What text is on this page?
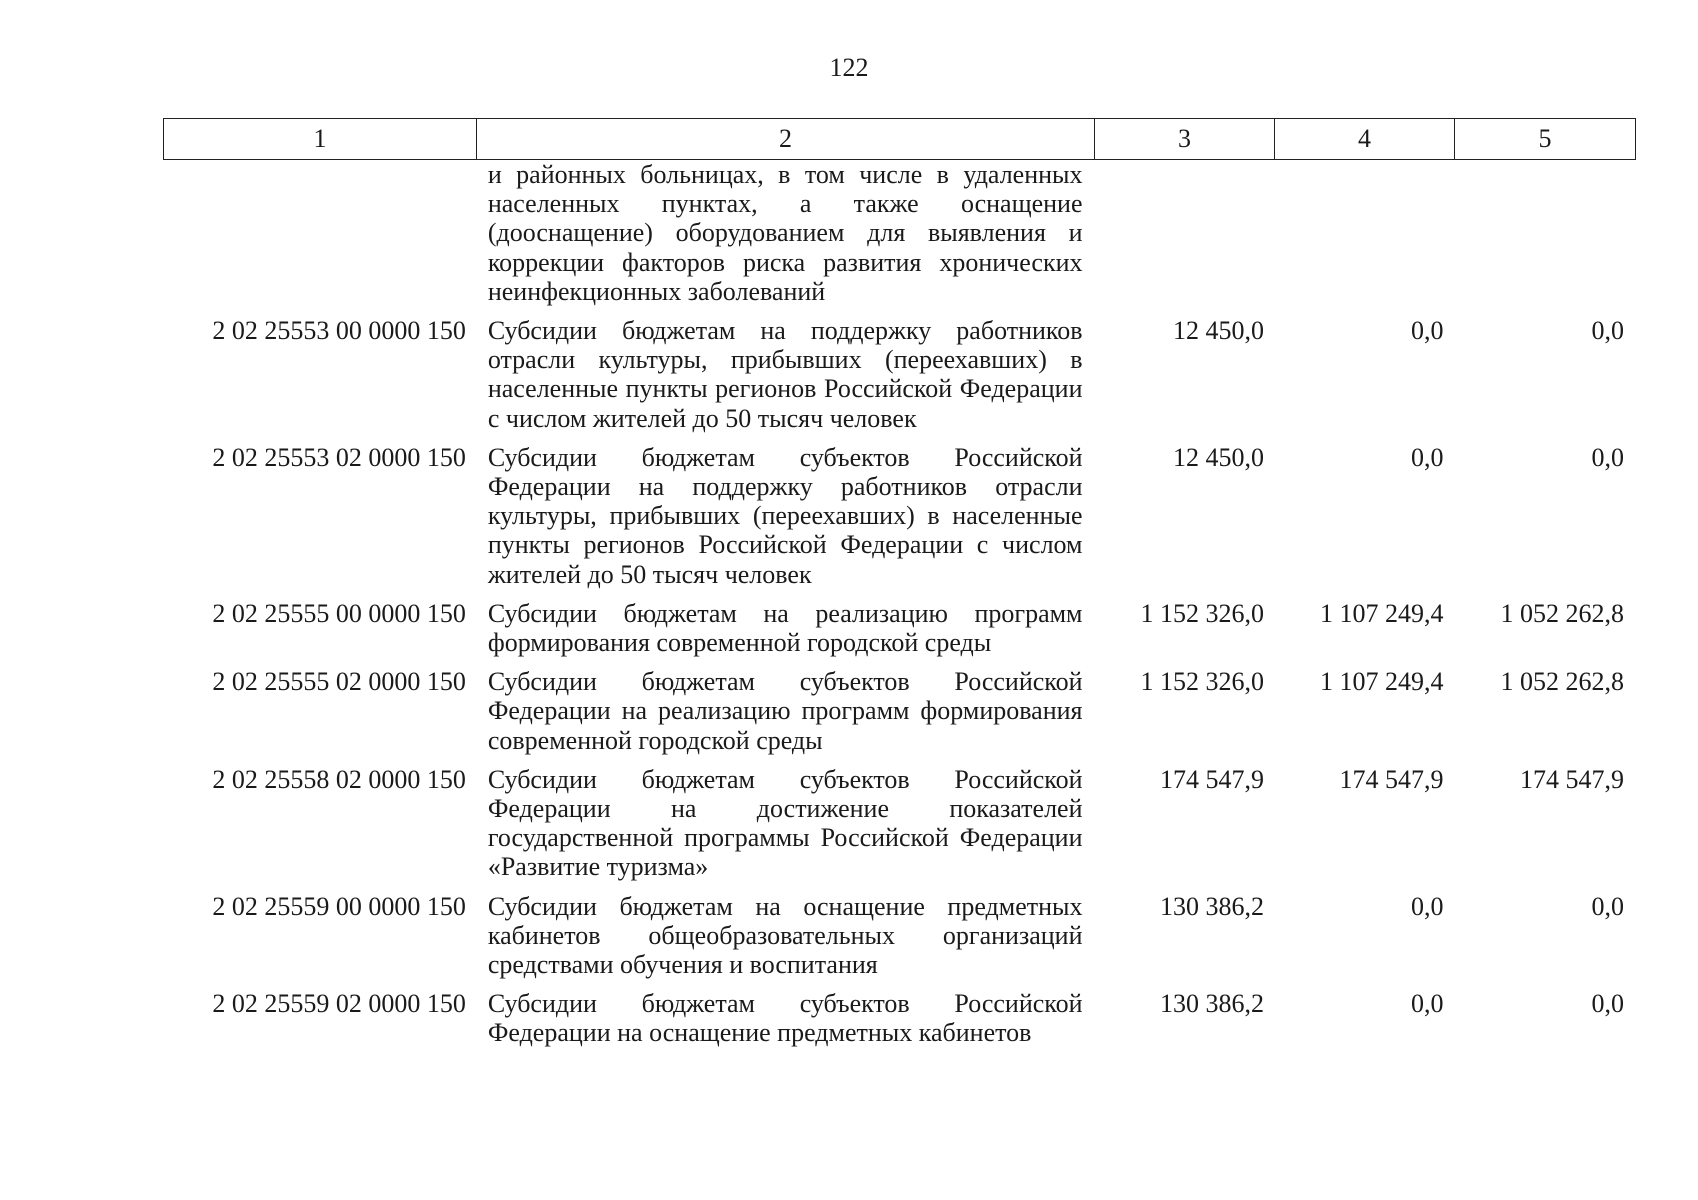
122
1	2	3	4	5
	и районных больницах, в том числе в удаленных населенных пунктах, а также оснащение (дооснащение) оборудованием для выявления и коррекции факторов риска развития хронических неинфекционных заболеваний			
2 02 25553 00 0000 150	Субсидии бюджетам на поддержку работников отрасли культуры, прибывших (переехавших) в населенные пункты регионов Российской Федерации с числом жителей до 50 тысяч человек	12 450,0	0,0	0,0
2 02 25553 02 0000 150	Субсидии бюджетам субъектов Российской Федерации на поддержку работников отрасли культуры, прибывших (переехавших) в населенные пункты регионов Российской Федерации с числом жителей до 50 тысяч человек	12 450,0	0,0	0,0
2 02 25555 00 0000 150	Субсидии бюджетам на реализацию программ формирования современной городской среды	1 152 326,0	1 107 249,4	1 052 262,8
2 02 25555 02 0000 150	Субсидии бюджетам субъектов Российской Федерации на реализацию программ формирования современной городской среды	1 152 326,0	1 107 249,4	1 052 262,8
2 02 25558 02 0000 150	Субсидии бюджетам субъектов Российской Федерации на достижение показателей государственной программы Российской Федерации «Развитие туризма»	174 547,9	174 547,9	174 547,9
2 02 25559 00 0000 150	Субсидии бюджетам на оснащение предметных кабинетов общеобразовательных организаций средствами обучения и воспитания	130 386,2	0,0	0,0
2 02 25559 02 0000 150	Субсидии бюджетам субъектов Российской Федерации на оснащение предметных кабинетов	130 386,2	0,0	0,0
